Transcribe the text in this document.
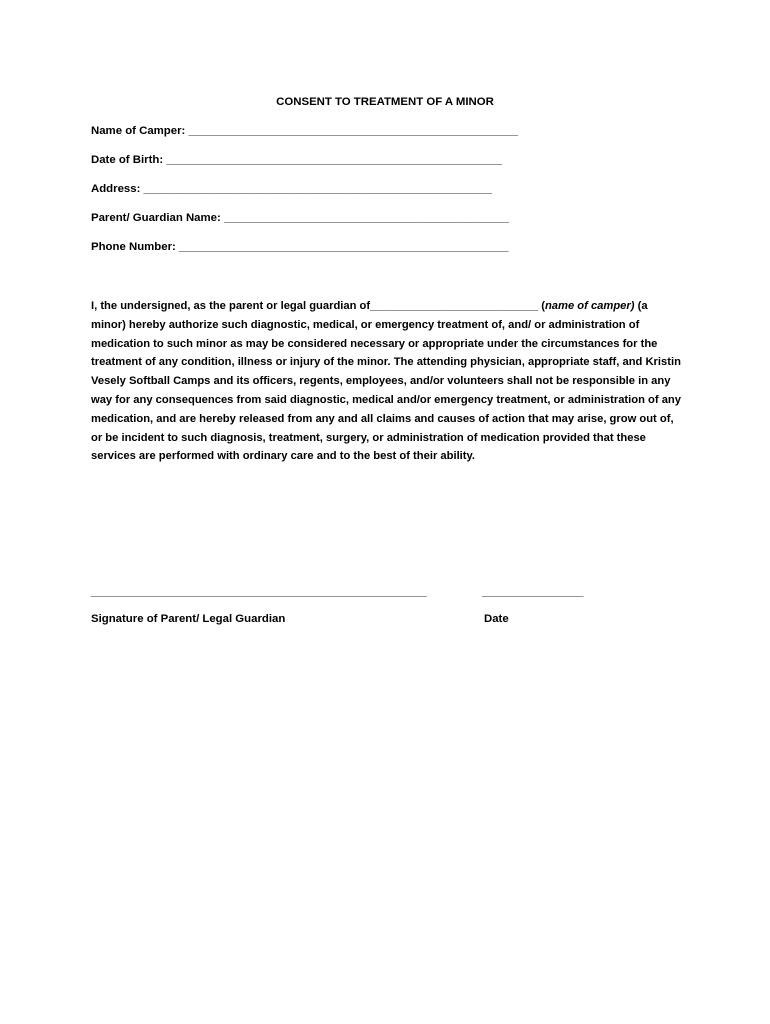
CONSENT TO TREATMENT OF A MINOR
Name of Camper: ____________________________________________________
Date of Birth: _____________________________________________________
Address: _______________________________________________________
Parent/ Guardian Name: _____________________________________________
Phone Number: ____________________________________________________
I, the undersigned, as the parent or legal guardian of___________________________ (name of camper) (a minor) hereby authorize such diagnostic, medical, or emergency treatment of, and/ or administration of medication to such minor as may be considered necessary or appropriate under the circumstances for the treatment of any condition, illness or injury of the minor. The attending physician, appropriate staff, and Kristin Vesely Softball Camps and its officers, regents, employees, and/or volunteers shall not be responsible in any way for any consequences from said diagnostic, medical and/or emergency treatment, or administration of any medication, and are hereby released from any and all claims and causes of action that may arise, grow out of, or be incident to such diagnosis, treatment, surgery, or administration of medication provided that these services are performed with ordinary care and to the best of their ability.
_____________________________________________________	________________
Signature of Parent/ Legal Guardian	Date
